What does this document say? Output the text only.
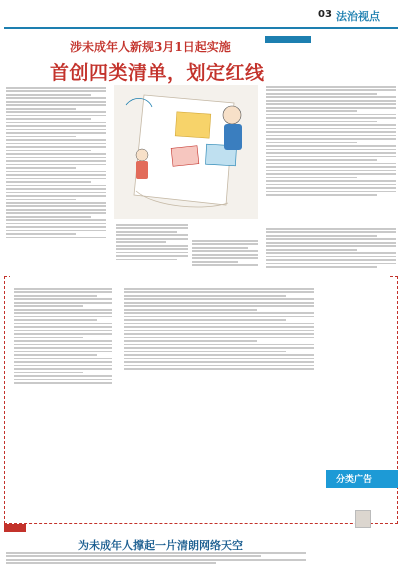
03 法治视点
涉未成年人新规3月1日起实施
首创四类清单，划定红线
分类广告
为未成年人撑起一片清朗网络天空
